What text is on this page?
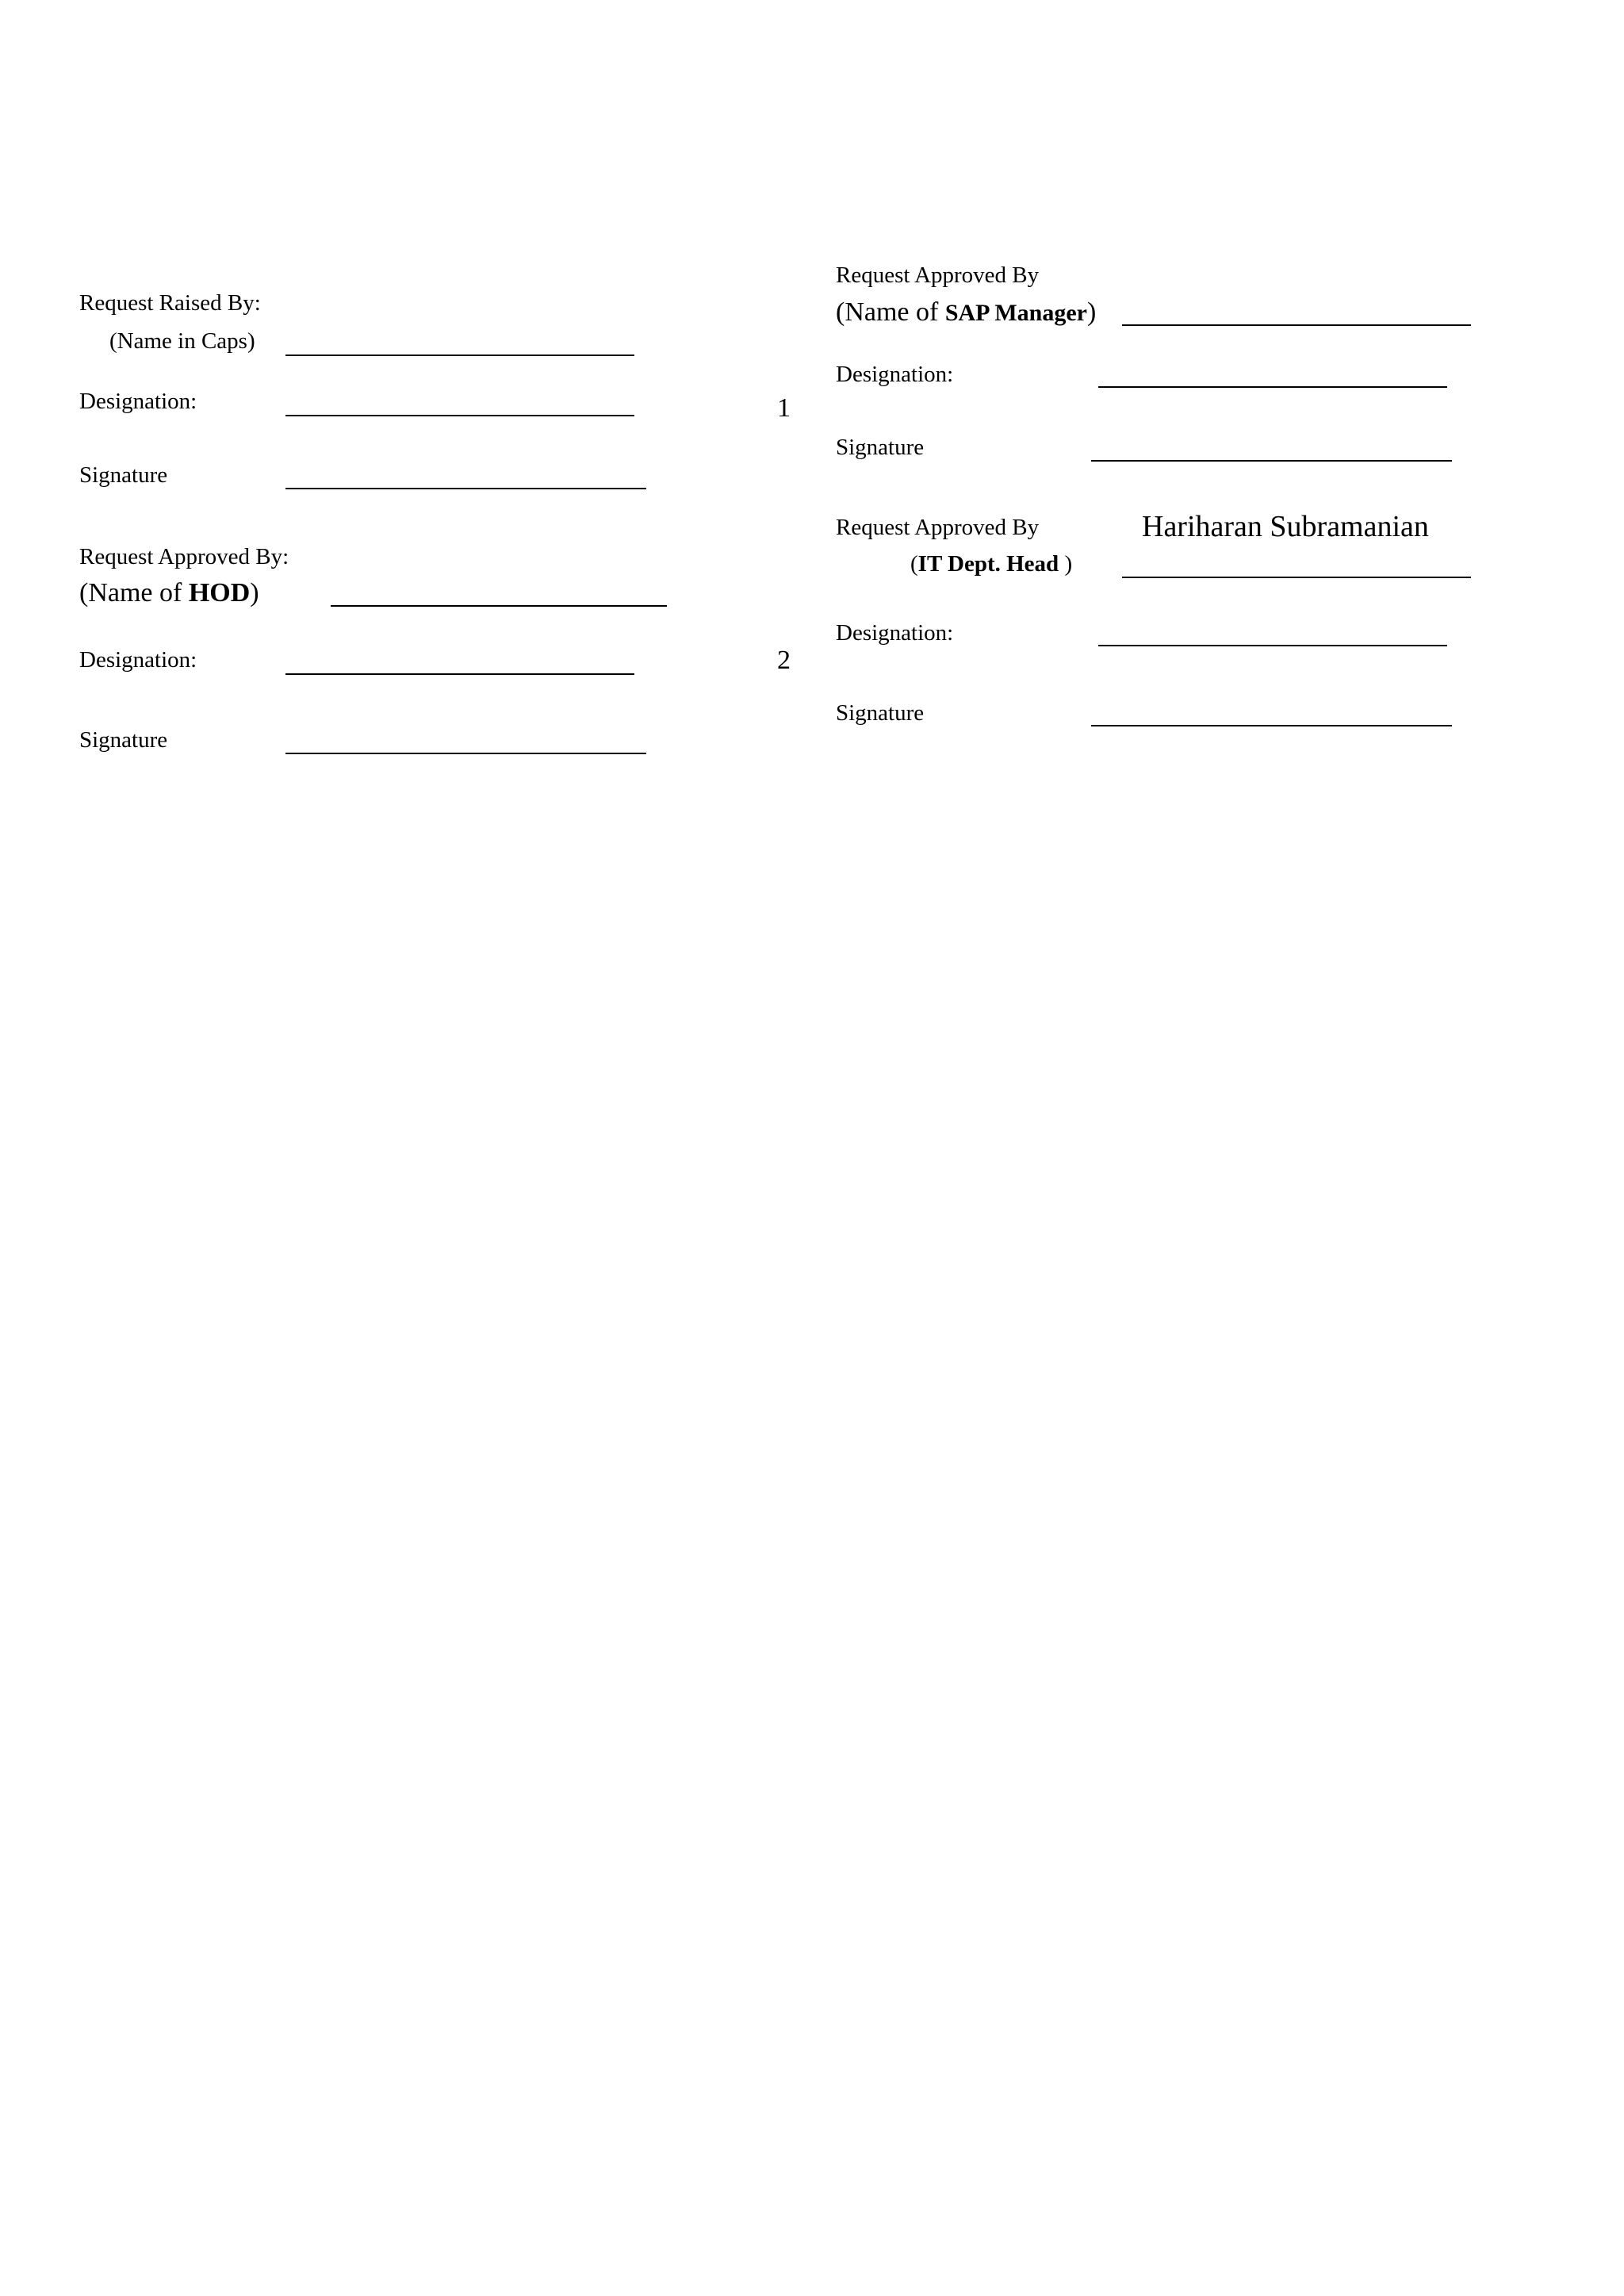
Request Raised By:
(Name in Caps)
Designation:
Signature
Request Approved By:
(Name of HOD)
Designation:
Signature
1
2
Request Approved By
(Name of SAP Manager)
Designation:
Signature
Request Approved By	Hariharan Subramanian
(IT Dept. Head )
Designation:
Signature
